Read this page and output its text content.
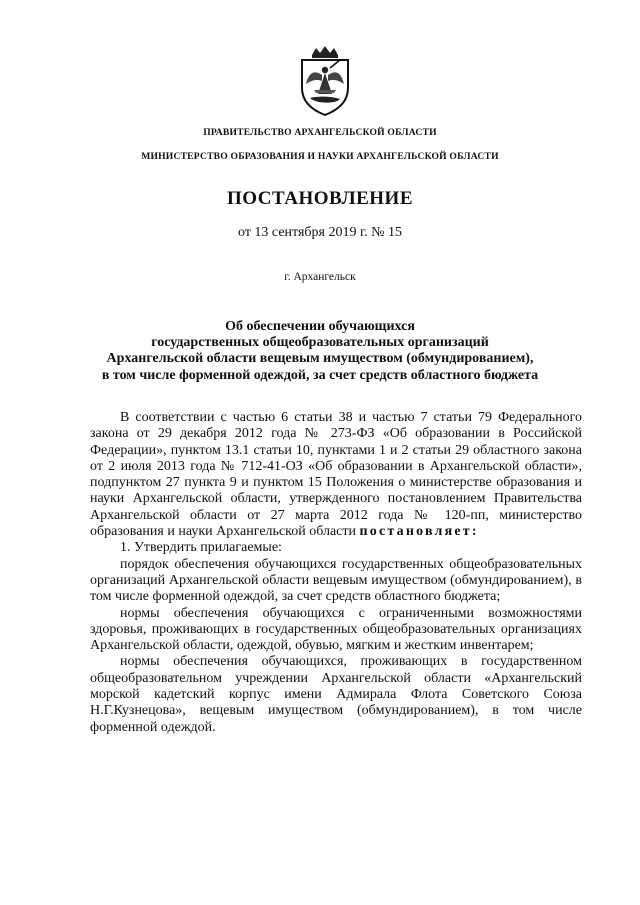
ПРАВИТЕЛЬСТВО АРХАНГЕЛЬСКОЙ ОБЛАСТИ
МИНИСТЕРСТВО ОБРАЗОВАНИЯ И НАУКИ АРХАНГЕЛЬСКОЙ ОБЛАСТИ
ПОСТАНОВЛЕНИЕ
от 13 сентября 2019 г. № 15
г. Архангельск
Об обеспечении обучающихся
государственных общеобразовательных организаций
Архангельской области вещевым имуществом (обмундированием),
в том числе форменной одеждой, за счет средств областного бюджета

В соответствии с частью 6 статьи 38 и частью 7 статьи 79 Федерального закона от 29 декабря 2012 года № 273-ФЗ «Об образовании в Российской Федерации», пунктом 13.1 статьи 10, пунктами 1 и 2 статьи 29 областного закона от 2 июля 2013 года № 712-41-ОЗ «Об образовании в Архангельской области», подпунктом 27 пункта 9 и пунктом 15 Положения о министерстве образования и науки Архангельской области, утвержденного постановлением Правительства Архангельской области от 27 марта 2012 года № 120-пп, министерство образования и науки Архангельской области постановляет:

1. Утвердить прилагаемые:

порядок обеспечения обучающихся государственных общеобразовательных организаций Архангельской области вещевым имуществом (обмундированием), в том числе форменной одеждой, за счет средств областного бюджета;

нормы обеспечения обучающихся с ограниченными возможностями здоровья, проживающих в государственных общеобразовательных организациях Архангельской области, одеждой, обувью, мягким и жестким инвентарем;

нормы обеспечения обучающихся, проживающих в государственном общеобразовательном учреждении Архангельской области «Архангельский морской кадетский корпус имени Адмирала Флота Советского Союза Н.Г.Кузнецова», вещевым имуществом (обмундированием), в том числе форменной одеждой.
